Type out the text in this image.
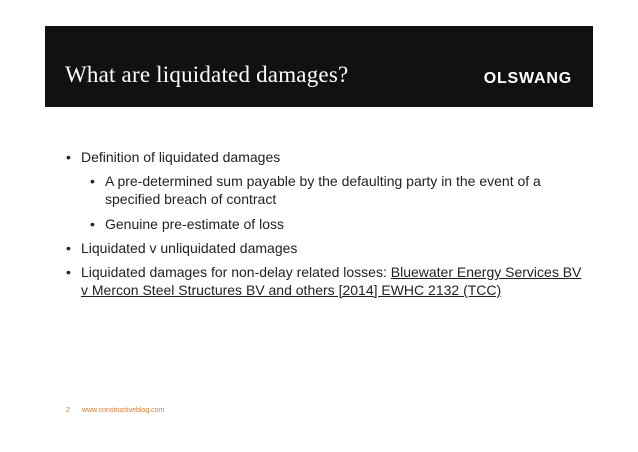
What are liquidated damages?	OLSWANG
• Definition of liquidated damages
• A pre-determined sum payable by the defaulting party in the event of a specified breach of contract
• Genuine pre-estimate of loss
• Liquidated v unliquidated damages
• Liquidated damages for non-delay related losses: Bluewater Energy Services BV v Mercon Steel Structures BV and others [2014] EWHC 2132 (TCC)
2 www.constructiveblog.com
